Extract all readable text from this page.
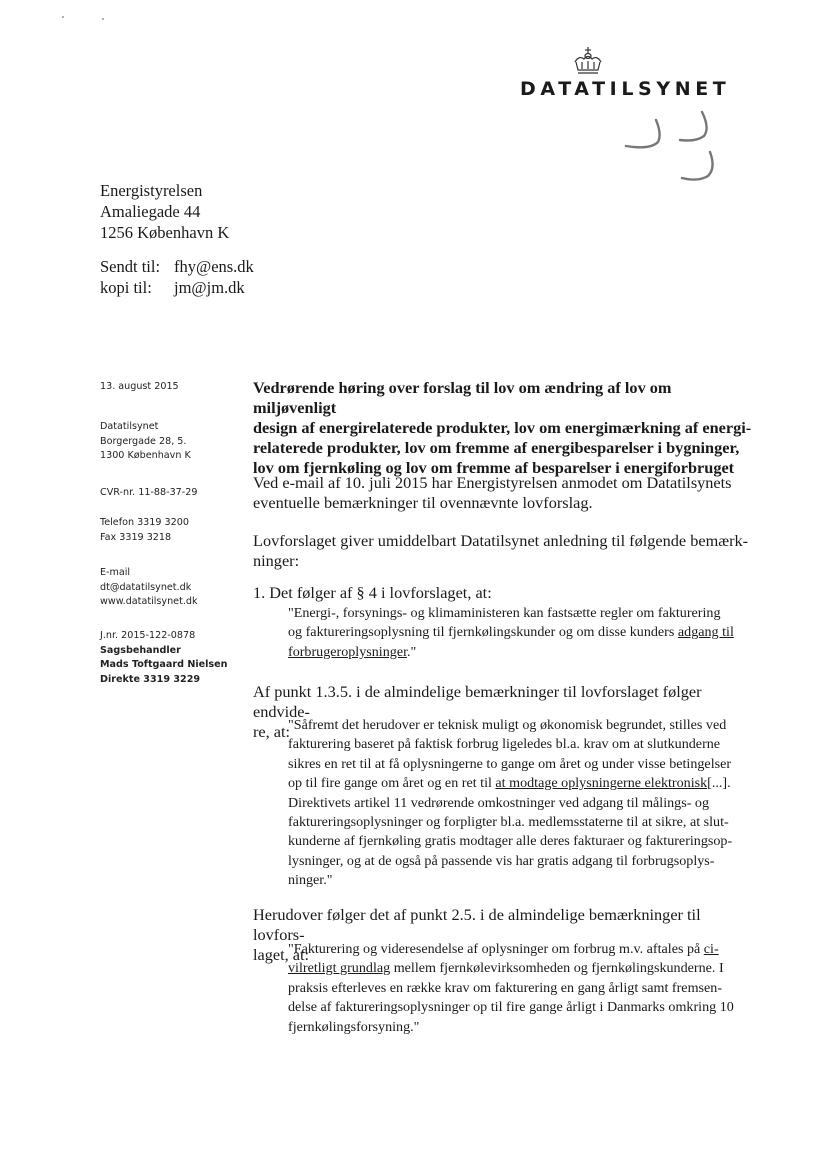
DATATILSYNET
Energistyrelsen
Amaliegade 44
1256 København K
Sendt til: fhy@ens.dk
kopi til: jm@jm.dk
13. august 2015
Datatilsynet
Borgergade 28, 5.
1300 København K
CVR-nr. 11-88-37-29
Telefon 3319 3200
Fax 3319 3218
E-mail
dt@datatilsynet.dk
www.datatilsynet.dk
J.nr. 2015-122-0878
Sagsbehandler
Mads Toftgaard Nielsen
Direkte 3319 3229
Vedrørende høring over forslag til lov om ændring af lov om miljøvenligt
design af energirelaterede produkter, lov om energimærkning af energi-
relaterede produkter, lov om fremme af energibesparelser i bygninger,
lov om fjernkøling og lov om fremme af besparelser i energiforbruget
Ved e-mail af 10. juli 2015 har Energistyrelsen anmodet om Datatilsynets
eventuelle bemærkninger til ovennævnte lovforslag.
Lovforslaget giver umiddelbart Datatilsynet anledning til følgende bemærk-
ninger:
1. Det følger af § 4 i lovforslaget, at:
"Energi-, forsynings- og klimaministeren kan fastsætte regler om fakturering
og faktureringsoplysning til fjernkølingskunder og om disse kunders adgang til
forbrugeroplysninger."
Af punkt 1.3.5. i de almindelige bemærkninger til lovforslaget følger endvide-
re, at:
"Såfremt det herudover er teknisk muligt og økonomisk begrundet, stilles ved
fakturering baseret på faktisk forbrug ligeledes bl.a. krav om at slutkunderne
sikres en ret til at få oplysningerne to gange om året og under visse betingelser
op til fire gange om året og en ret til at modtage oplysningerne elektronisk[...].
Direktivets artikel 11 vedrørende omkostninger ved adgang til målings- og
faktureringsoplysninger og forpligter bl.a. medlemsstaterne til at sikre, at slut-
kunderne af fjernkøling gratis modtager alle deres fakturaer og faktureringsop-
lysninger, og at de også på passende vis har gratis adgang til forbrugsoplys-
ninger."
Herudover følger det af punkt 2.5. i de almindelige bemærkninger til lovfors-
laget, at:
"Fakturering og videresendelse af oplysninger om forbrug m.v. aftales på ci-
vilretligt grundlag mellem fjernkølevirksomheden og fjernkølingskunderne. I
praksis efterleves en række krav om fakturering en gang årligt samt fremsen-
delse af faktureringsoplysninger op til fire gange årligt i Danmarks omkring 10
fjernkølingsforsyning."
